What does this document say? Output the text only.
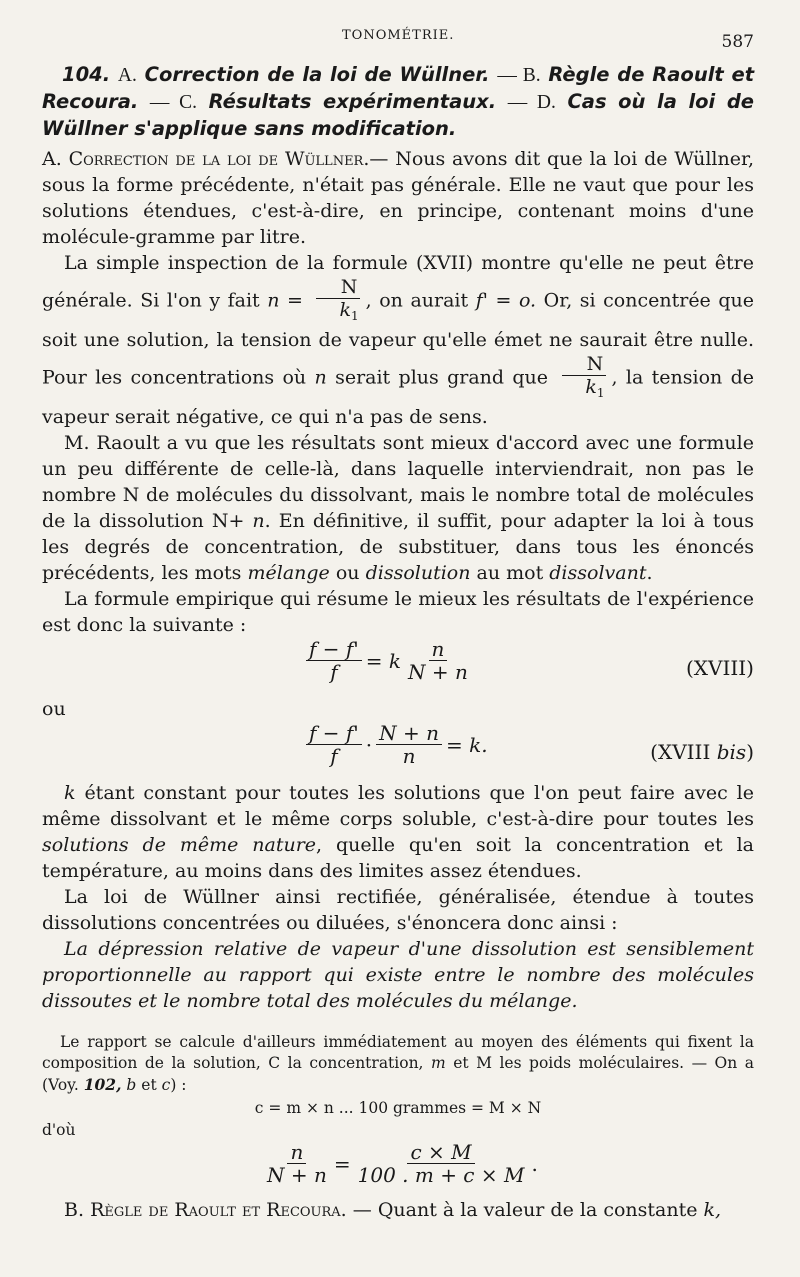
TONOMÉTRIE.	587
104. A. Correction de la loi de Wüllner. — B. Règle de Raoult et Recoura. — C. Résultats expérimentaux. — D. Cas où la loi de Wüllner s'applique sans modification.

A. Correction de la loi de Wüllner.— Nous avons dit que la loi de Wüllner, sous la forme précédente, n'était pas générale. Elle ne vaut que pour les solutions étendues, c'est-à-dire, en principe, contenant moins d'une molécule-gramme par litre.

La simple inspection de la formule (XVII) montre qu'elle ne peut être générale. Si l'on y fait $n = \frac{N}{k_1}$ , on aurait f' = o. Or, si concentrée que soit une solution, la tension de vapeur qu'elle émet ne saurait être nulle. Pour les concentrations où n serait plus grand que $\frac{N}{k_1}$ , la tension de vapeur serait négative, ce qui n'a pas de sens.

M. Raoult a vu que les résultats sont mieux d'accord avec une formule un peu différente de celle-là, dans laquelle interviendrait, non pas le nombre N de molécules du dissolvant, mais le nombre total de molécules de la dissolution N+ n. En définitive, il suffit, pour adapter la loi à tous les degrés de concentration, de substituer, dans tous les énoncés précédents, les mots mélange ou dissolution au mot dissolvant.

La formule empirique qui résume le mieux les résultats de l'expérience est donc la suivante :

$\frac{f - f'}{f} = k \frac{n}{N + n}$	(XVIII)
ou
$\frac{f - f'}{f} \cdot \frac{N + n}{n} = k$.	(XVIII bis)

k étant constant pour toutes les solutions que l'on peut faire avec le même dissolvant et le même corps soluble, c'est-à-dire pour toutes les solutions de même nature, quelle qu'en soit la concentration et la température, au moins dans des limites assez étendues.

La loi de Wüllner ainsi rectifiée, généralisée, étendue à toutes dissolutions concentrées ou diluées, s'énoncera donc ainsi :

La dépression relative de vapeur d'une dissolution est sensiblement proportionnelle au rapport qui existe entre le nombre des molécules dissoutes et le nombre total des molécules du mélange.

Le rapport se calcule d'ailleurs immédiatement au moyen des éléments qui fixent la composition de la solution, C la concentration, m et M les poids moléculaires. — On a (Voy. 102, b et c) :

c = m × n ... 100 grammes = M × N
d'où
$\frac{n}{N + n} = \frac{c \times M}{100 . m + c \times M}$ .

B. Règle de Raoult et Recoura. — Quant à la valeur de la constante k,
